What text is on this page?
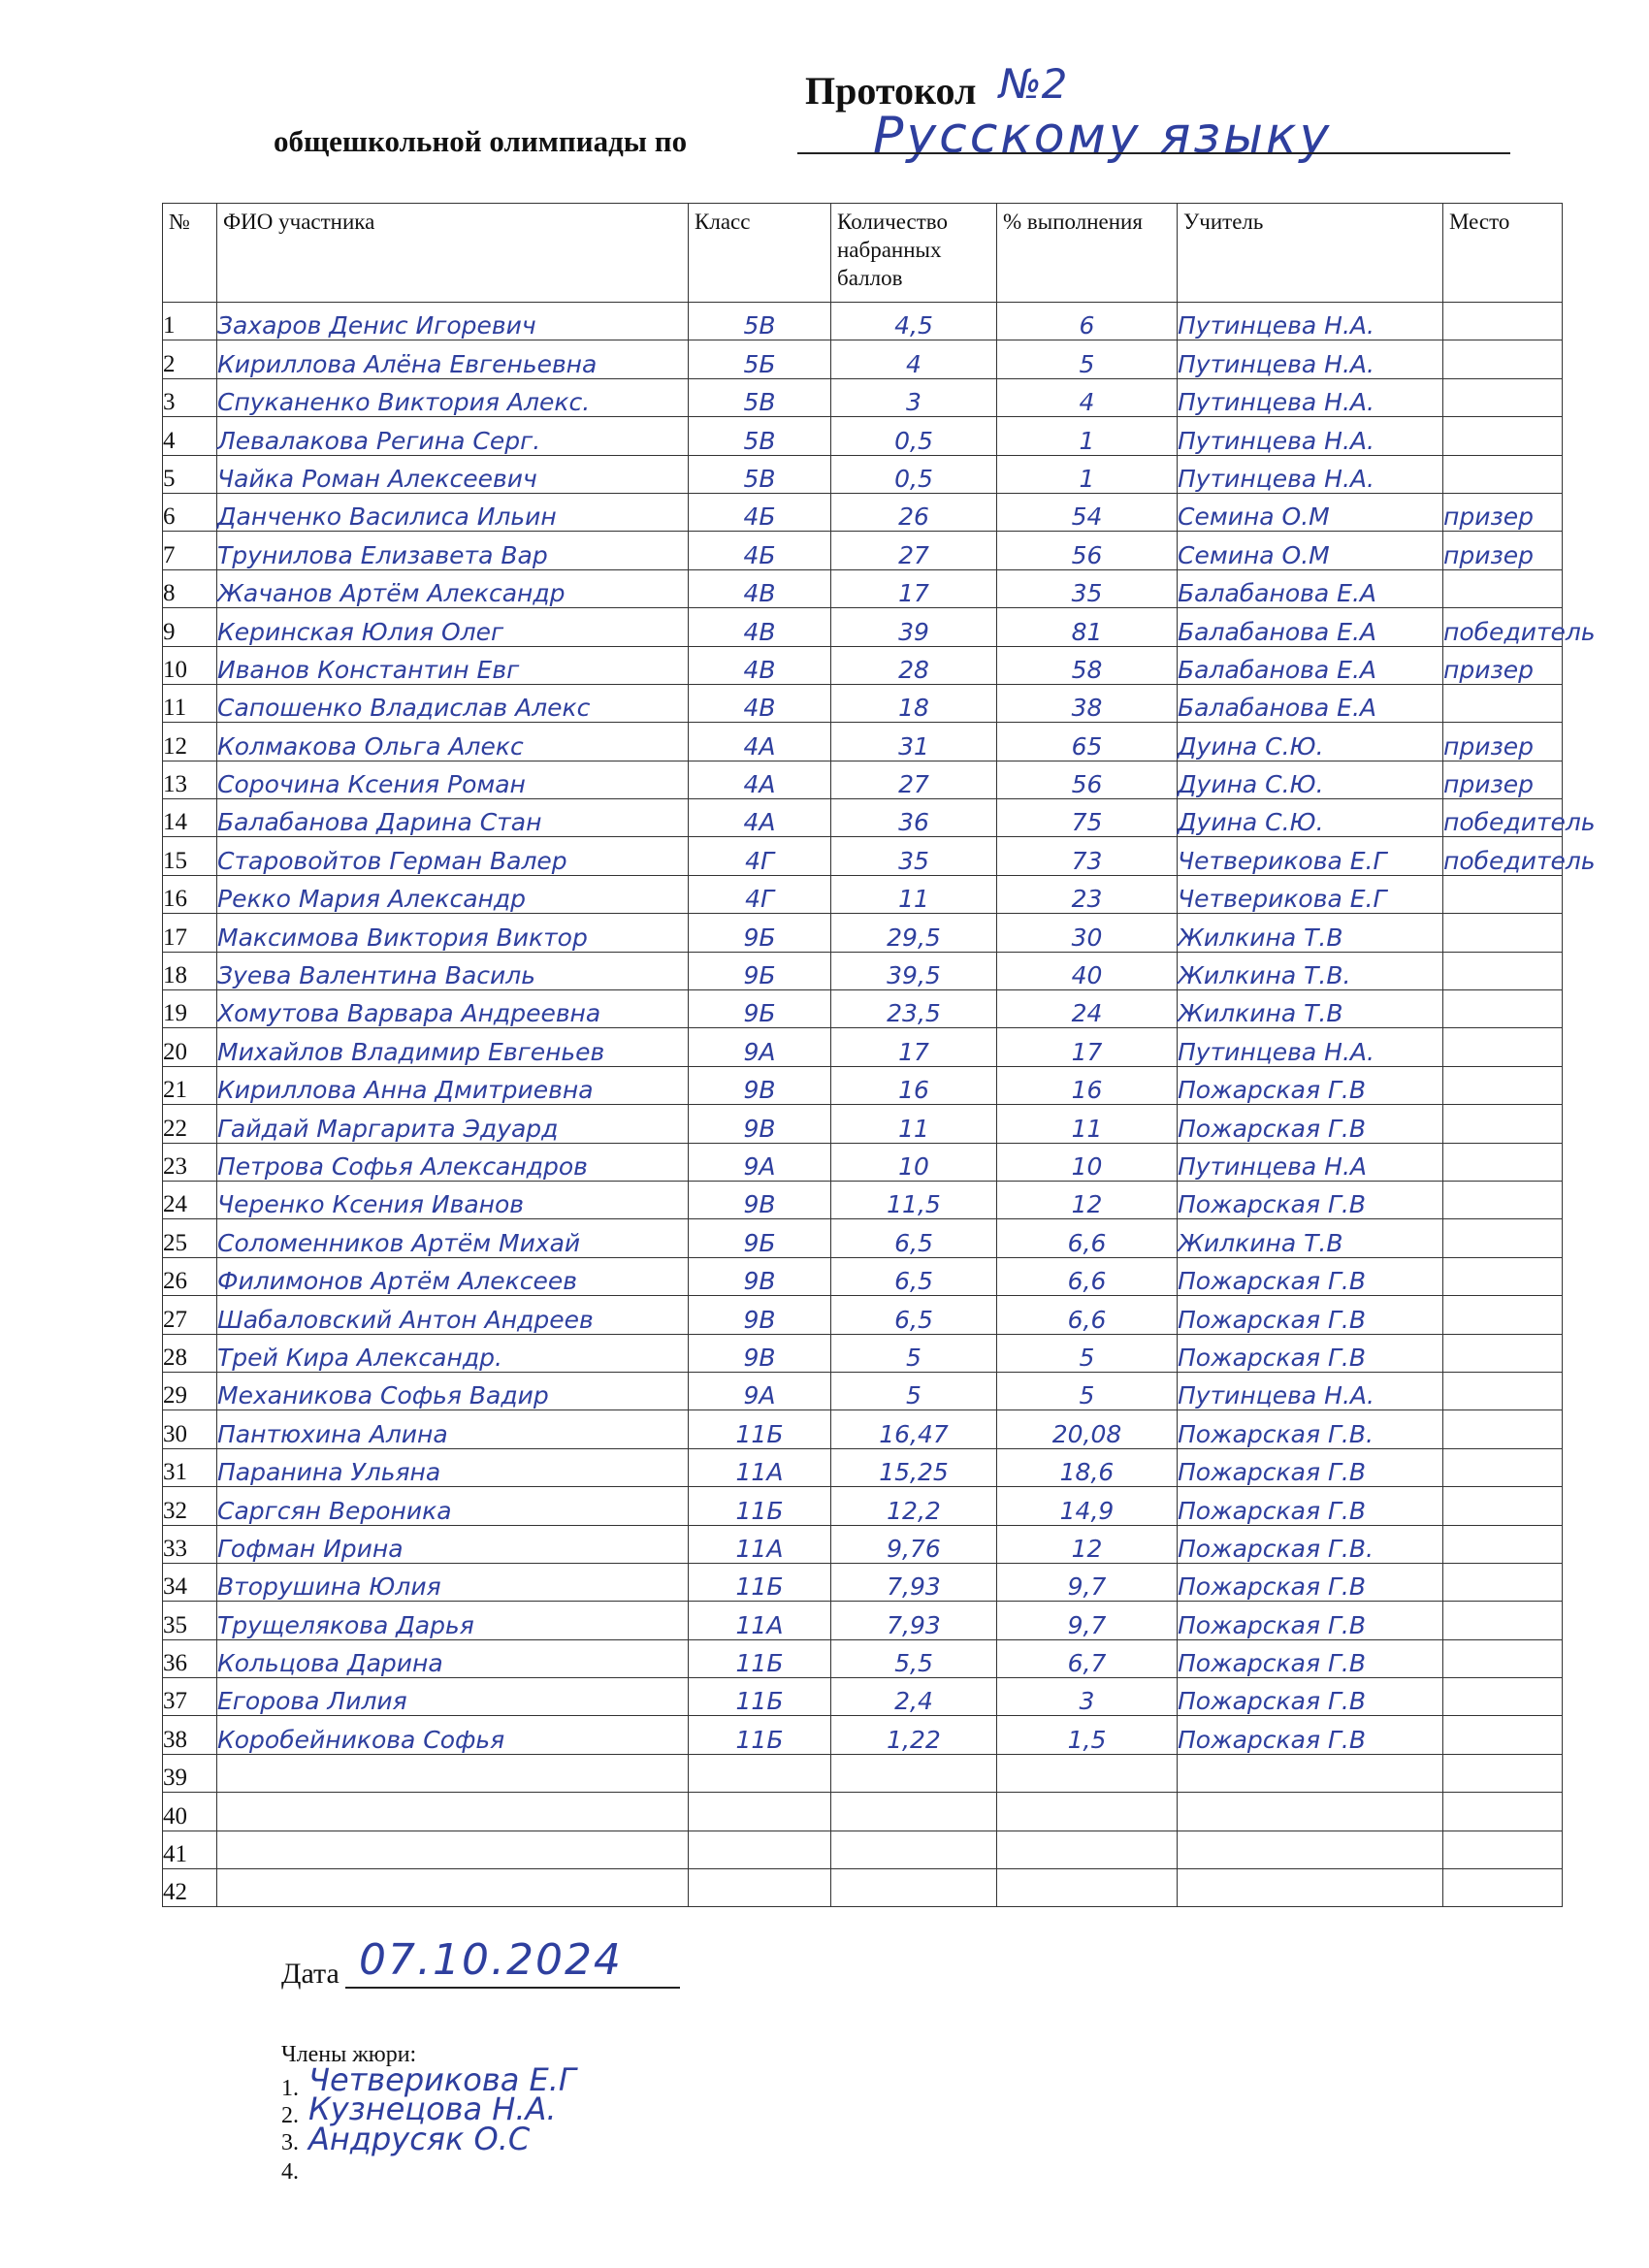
Протокол №2
общешкольной олимпиады по	Русскому языку
№	ФИО участника	Класс	Количество набранных баллов	% выполнения	Учитель	Место
1	Захаров Денис Игоревич	5В	4,5	6	Путинцева Н.А.	
2	Кириллова Алёна Евгеньевна	5Б	4	5	Путинцева Н.А.	
3	Спуканенко Виктория Алекс.	5В	3	4	Путинцева Н.А.	
4	Левалакова Регина Серг.	5В	0,5	1	Путинцева Н.А.	
5	Чайка Роман Алексеевич	5В	0,5	1	Путинцева Н.А.	
6	Данченко Василиса Ильин	4Б	26	54	Семина О.М	призер
7	Трунилова Елизавета Вар	4Б	27	56	Семина О.М	призер
8	Жачанов Артём Александр	4В	17	35	Балабанова Е.А	
9	Керинская Юлия Олег	4В	39	81	Балабанова Е.А	победитель
10	Иванов Константин Евг	4В	28	58	Балабанова Е.А	призер
11	Сапошенко Владислав Алекс	4В	18	38	Балабанова Е.А	
12	Колмакова Ольга Алекс	4А	31	65	Дуина С.Ю.	призер
13	Сорочина Ксения Роман	4А	27	56	Дуина С.Ю.	призер
14	Балабанова Дарина Стан	4А	36	75	Дуина С.Ю.	победитель
15	Старовойтов Герман Валер	4Г	35	73	Четверикова Е.Г	победитель
16	Рекко Мария Александр	4Г	11	23	Четверикова Е.Г	
17	Максимова Виктория Виктор	9Б	29,5	30	Жилкина Т.В	
18	Зуева Валентина Василь	9Б	39,5	40	Жилкина Т.В.	
19	Хомутова Варвара Андреевна	9Б	23,5	24	Жилкина Т.В	
20	Михайлов Владимир Евгеньев	9А	17	17	Путинцева Н.А.	
21	Кириллова Анна Дмитриевна	9В	16	16	Пожарская Г.В	
22	Гайдай Маргарита Эдуард	9В	11	11	Пожарская Г.В	
23	Петрова Софья Александров	9А	10	10	Путинцева Н.А	
24	Черенко Ксения Иванов	9В	11,5	12	Пожарская Г.В	
25	Соломенников Артём Михай	9Б	6,5	6,6	Жилкина Т.В	
26	Филимонов Артём Алексеев	9В	6,5	6,6	Пожарская Г.В	
27	Шабаловский Антон Андреев	9В	6,5	6,6	Пожарская Г.В	
28	Трей Кира Александр.	9В	5	5	Пожарская Г.В	
29	Механикова Софья Вадир	9А	5	5	Путинцева Н.А.	
30	Пантюхина Алина	11Б	16,47	20,08	Пожарская Г.В.	
31	Паранина Ульяна	11А	15,25	18,6	Пожарская Г.В	
32	Саргсян Вероника	11Б	12,2	14,9	Пожарская Г.В	
33	Гофман Ирина	11А	9,76	12	Пожарская Г.В.	
34	Вторушина Юлия	11Б	7,93	9,7	Пожарская Г.В	
35	Трущелякова Дарья	11А	7,93	9,7	Пожарская Г.В	
36	Кольцова Дарина	11Б	5,5	6,7	Пожарская Г.В	
37	Егорова Лилия	11Б	2,4	3	Пожарская Г.В	
38	Коробейникова Софья	11Б	1,22	1,5	Пожарская Г.В	
39						
40						
41						
42						
Дата 07.10.2024
Члены жюри:
1. Четверикова Е.Г
2. Кузнецова Н.А.
3. Андрусяк О.С
4.
